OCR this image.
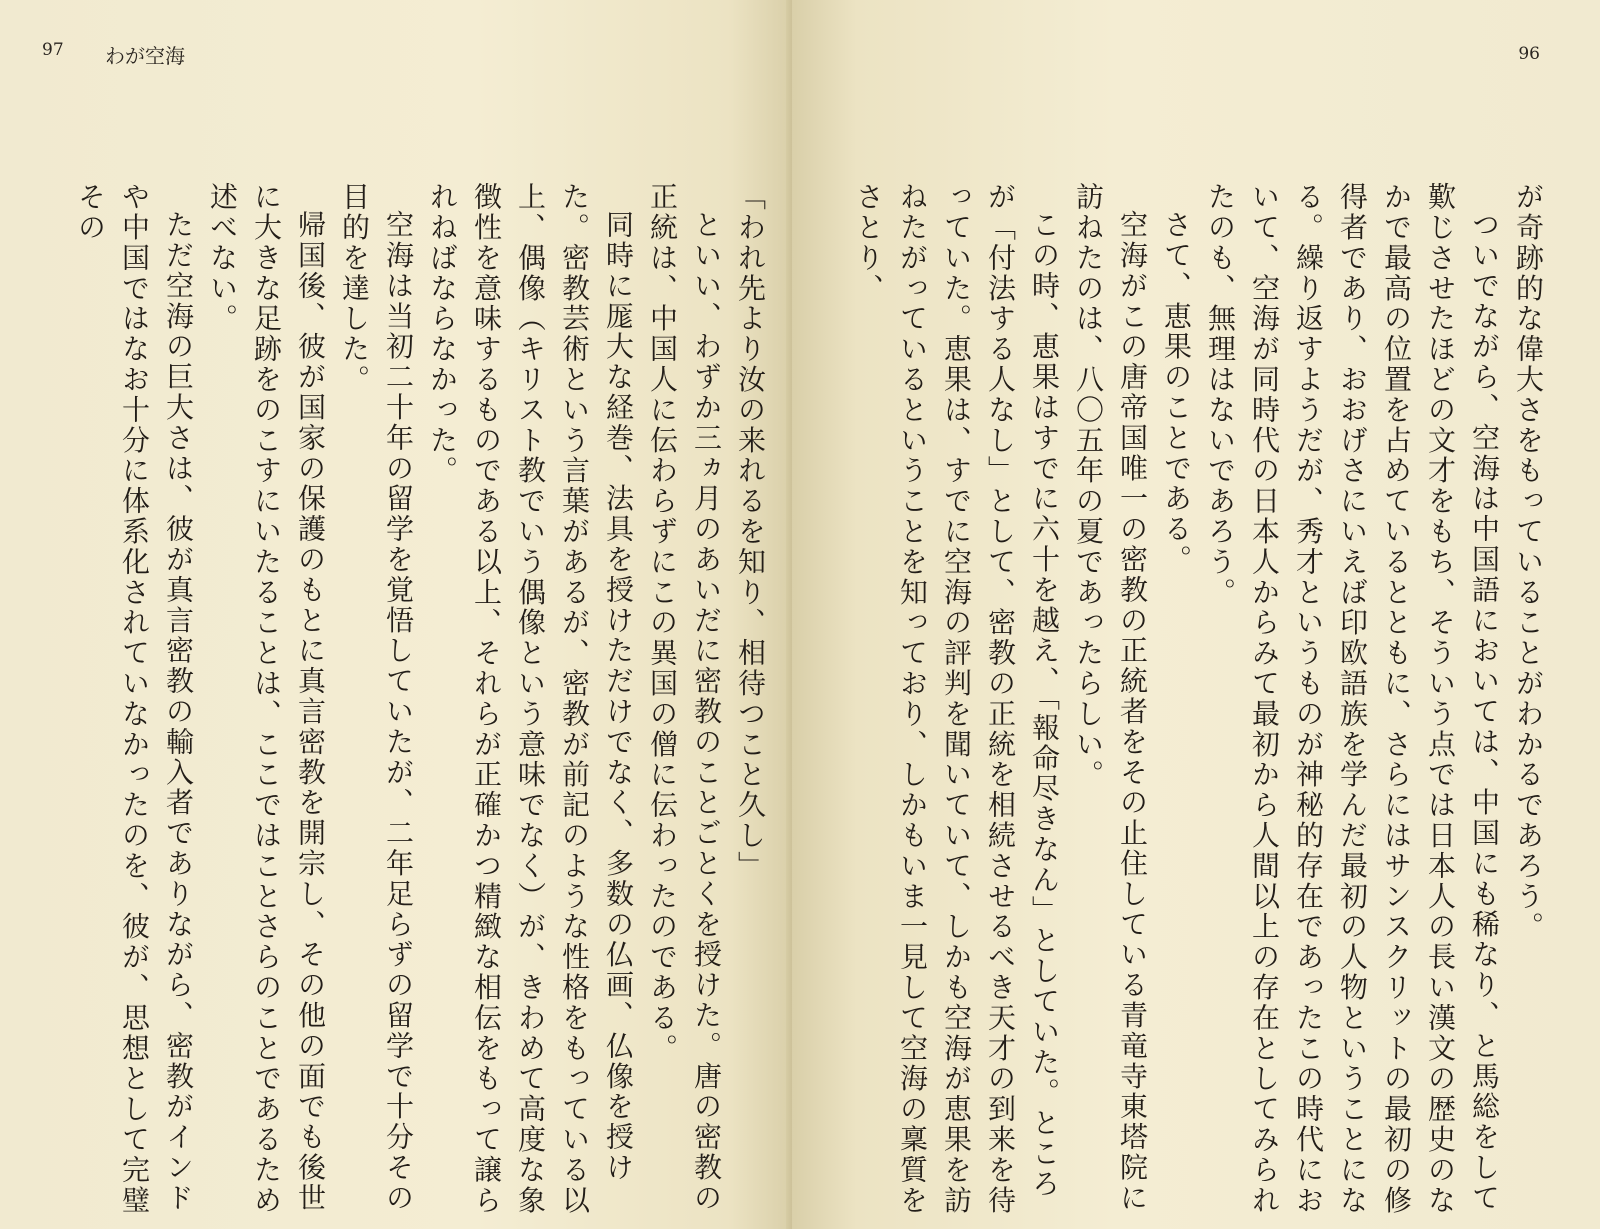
97 わが空海

「われ先より汝の来れるを知り、相待つこと久し」

といい、わずか三ヵ月のあいだに密教のことごとくを授けた。唐の密教の正統は、中国人に伝わらずにこの異国の僧に伝わったのである。

同時に厖大な経巻、法具を授けただけでなく、多数の仏画、仏像を授けた。密教芸術という言葉があるが、密教が前記のような性格をもっている以上、偶像（キリスト教でいう偶像という意味でなく）が、きわめて高度な象徴性を意味するものである以上、それらが正確かつ精緻な相伝をもって譲られねばならなかった。

空海は当初二十年の留学を覚悟していたが、二年足らずの留学で十分その目的を達した。

帰国後、彼が国家の保護のもとに真言密教を開宗し、その他の面でも後世に大きな足跡をのこすにいたることは、ここではことさらのことであるため述べない。

ただ空海の巨大さは、彼が真言密教の輸入者でありながら、密教がインドや中国ではなお十分に体系化されていなかったのを、彼が、思想として完璧その

96

が奇跡的な偉大さをもっていることがわかるであろう。

ついでながら、空海は中国語においては、中国にも稀なり、と馬総をして歎じさせたほどの文才をもち、そういう点では日本人の長い漢文の歴史のなかで最高の位置を占めているとともに、さらにはサンスクリットの最初の修得者であり、おおげさにいえば印欧語族を学んだ最初の人物ということになる。繰り返すようだが、秀才というものが神秘的存在であったこの時代において、空海が同時代の日本人からみて最初から人間以上の存在としてみられたのも、無理はないであろう。

さて、恵果のことである。

空海がこの唐帝国唯一の密教の正統者をその止住している青竜寺東塔院に訪ねたのは、八〇五年の夏であったらしい。

この時、恵果はすでに六十を越え、「報命尽きなん」としていた。ところが「付法する人なし」として、密教の正統を相続させるべき天才の到来を待っていた。恵果は、すでに空海の評判を聞いていて、しかも空海が恵果を訪ねたがっているということを知っており、しかもいま一見して空海の稟質をさとり、
